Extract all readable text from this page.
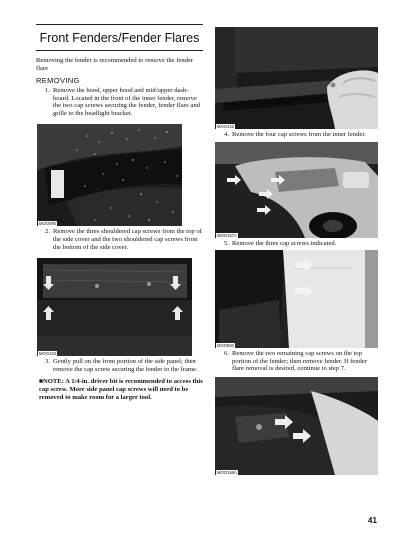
Front Fenders/Fender Flares
Removing the fender is recommended to remove the fender flare
REMOVING
1. Remove the hood, upper hood and mid/upper dash-board. Located in the front of the inner fender, remove the two cap screws securing the fender, fender flare and grille to the headlight bracket.
MOO090
2. Remove the three shouldered cap screws from the top of the side cover and the two shouldered cap screws from the bottom of the side cover.
MOO163
3. Gently pull on the front portion of the side panel; then remove the cap screw securing the fender to the frame.
■NOTE: A 1/4-in. driver bit is recommended to access this cap screw. More side panel cap screws will need to be removed to make room for a larger tool.
MOO142
4. Remove the four cap screws from the inner fender.
MOO157A
5. Remove the three cap screws indicated.
MOO592
6. Remove the two remaining cap screws on the top portion of the fender; then remove fender. If fender flare removal is desired, continue to step 7.
MOO156A
41
